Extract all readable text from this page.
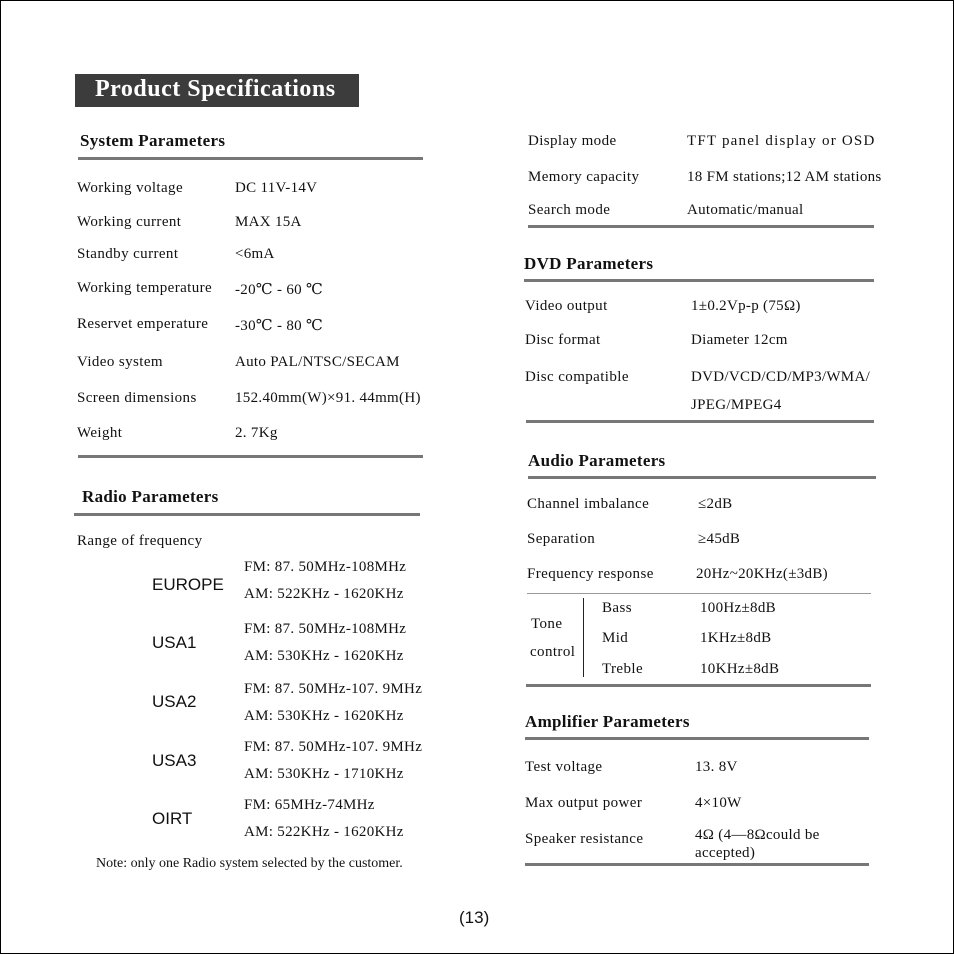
Product Specifications
System Parameters
Working voltage	DC 11V-14V
Working current	MAX 15A
Standby current	<6mA
Working temperature -20℃ - 60 ℃
Reservet emperature -30℃ - 80 ℃
Video system	Auto PAL/NTSC/SECAM
Screen dimensions	152.40mm(W)×91. 44mm(H)
Weight	2. 7Kg
Radio Parameters
Range of frequency
EUROPE
FM: 87. 50MHz-108MHz
AM: 522KHz - 1620KHz
USA1
FM: 87. 50MHz-108MHz
AM: 530KHz - 1620KHz
USA2
FM: 87. 50MHz-107. 9MHz
AM: 530KHz - 1620KHz
USA3
FM: 87. 50MHz-107. 9MHz
AM: 530KHz - 1710KHz
OIRT
FM: 65MHz-74MHz
AM: 522KHz - 1620KHz
Note: only one Radio system selected by the customer.
Display mode	TFT panel display or OSD
Memory capacity	18 FM stations;12 AM stations
Search mode	Automatic/manual
DVD Parameters
Video output	1±0.2Vp-p (75Ω)
Disc format	Diameter 12cm
Disc compatible	DVD/VCD/CD/MP3/WMA/
JPEG/MPEG4
Audio Parameters
Channel imbalance	≤2dB
Separation	≥45dB
Frequency response	20Hz~20KHz(±3dB)
Tone
control
Bass	100Hz±8dB
Mid	1KHz±8dB
Treble	10KHz±8dB
Amplifier Parameters
Test voltage	13. 8V
Max output power	4×10W
Speaker resistance	4Ω (4—8Ωcould be
accepted)
(13)
